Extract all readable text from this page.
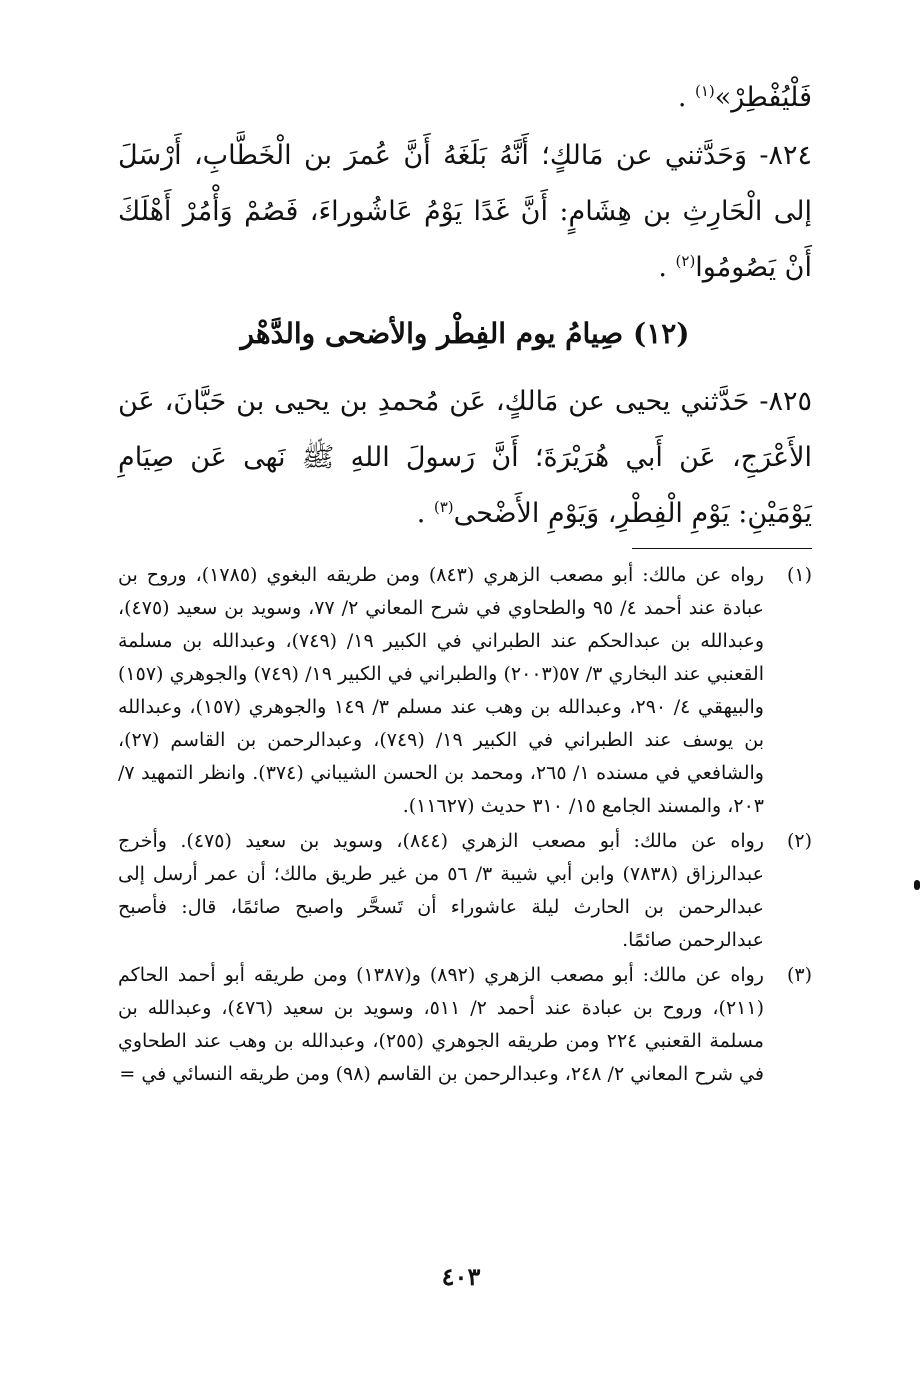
فَلْيُفْطِرْ»$^{(١)}$ .
٨٢٤- وَحَدَّثني عن مَالكٍ؛ أَنَّهُ بَلَغَهُ أَنَّ عُمرَ بن الْخَطَّابِ، أَرْسَلَ إلى الْحَارِثِ بن هِشَامٍ: أَنَّ غَدًا يَوْمُ عَاشُوراءَ، فَصُمْ وَأْمُرْ أَهْلَكَ أَنْ يَصُومُوا$^{(٢)}$ .
(١٢) صِيامُ يوم الفِطْر والأضحى والدَّهْر
٨٢٥- حَدَّثني يحيى عن مَالكٍ، عَن مُحمدِ بن يحيى بن حَبَّانَ، عَن الأَعْرَجِ، عَن أَبي هُرَيْرَةَ؛ أَنَّ رَسولَ اللهِ ﷺ نَهى عَن صِيَامِ يَوْمَيْنِ: يَوْمِ الْفِطْرِ، وَيَوْمِ الأَضْحى$^{(٣)}$ .
(١)
رواه عن مالك: أبو مصعب الزهري (٨٤٣) ومن طريقه البغوي (١٧٨٥)، وروح بن عبادة عند أحمد ٤/ ٩٥ والطحاوي في شرح المعاني ٢/ ٧٧، وسويد بن سعيد (٤٧٥)، وعبدالله بن عبدالحكم عند الطبراني في الكبير ١٩/ (٧٤٩)، وعبدالله بن مسلمة القعنبي عند البخاري ٣/ ٥٧(٢٠٠٣) والطبراني في الكبير ١٩/ (٧٤٩) والجوهري (١٥٧) والبيهقي ٤/ ٢٩٠، وعبدالله بن وهب عند مسلم ٣/ ١٤٩ والجوهري (١٥٧)، وعبدالله بن يوسف عند الطبراني في الكبير ١٩/ (٧٤٩)، وعبدالرحمن بن القاسم (٢٧)، والشافعي في مسنده ١/ ٢٦٥، ومحمد بن الحسن الشيباني (٣٧٤). وانظر التمهيد ٧/ ٢٠٣، والمسند الجامع ١٥/ ٣١٠ حديث (١١٦٢٧).
(٢)
رواه عن مالك: أبو مصعب الزهري (٨٤٤)، وسويد بن سعيد (٤٧٥). وأخرج عبدالرزاق (٧٨٣٨) وابن أبي شيبة ٣/ ٥٦ من غير طريق مالك؛ أن عمر أرسل إلى عبدالرحمن بن الحارث ليلة عاشوراء أن تَسحَّر واصبح صائمًا، قال: فأصبح عبدالرحمن صائمًا.
(٣)
رواه عن مالك: أبو مصعب الزهري (٨٩٢) و(١٣٨٧) ومن طريقه أبو أحمد الحاكم (٢١١)، وروح بن عبادة عند أحمد ٢/ ٥١١، وسويد بن سعيد (٤٧٦)، وعبدالله بن مسلمة القعنبي ٢٢٤ ومن طريقه الجوهري (٢٥٥)، وعبدالله بن وهب عند الطحاوي في شرح المعاني ٢/ ٢٤٨، وعبدالرحمن بن القاسم (٩٨) ومن طريقه النسائي في =
٤٠٣
